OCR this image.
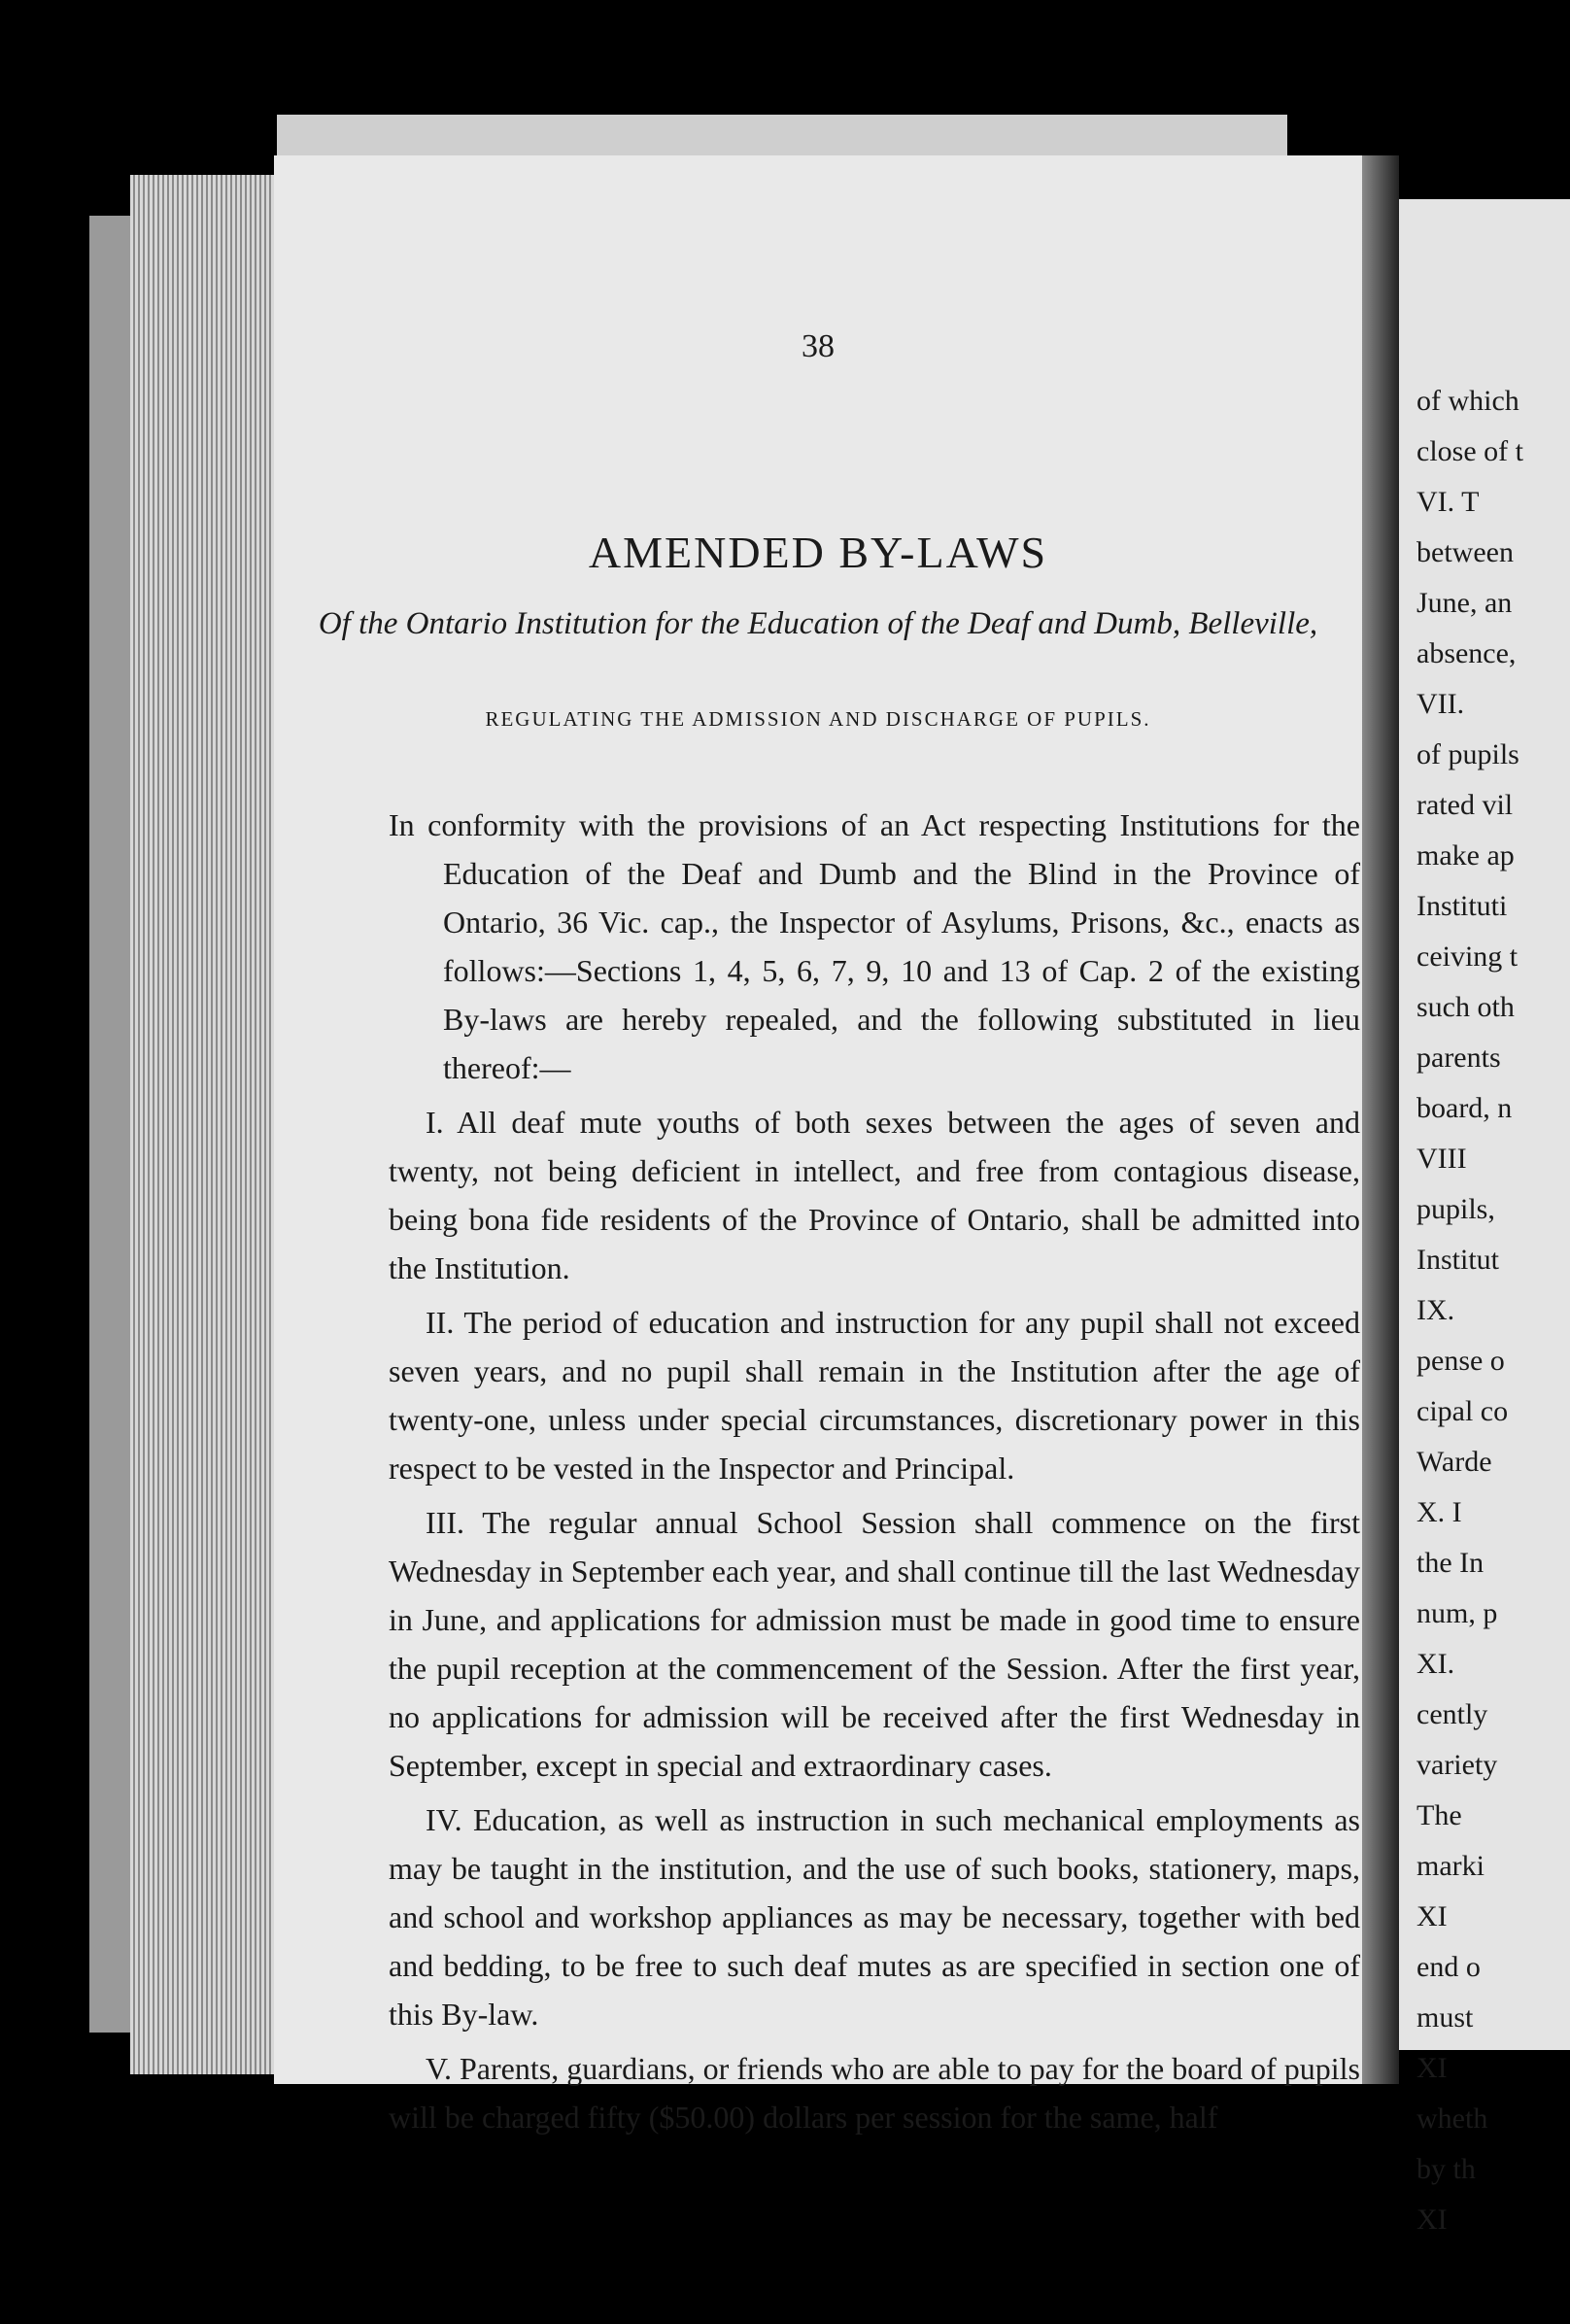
38
AMENDED BY-LAWS
Of the Ontario Institution for the Education of the Deaf and Dumb, Belleville,
REGULATING THE ADMISSION AND DISCHARGE OF PUPILS.

In conformity with the provisions of an Act respecting Institutions for the Education of the Deaf and Dumb and the Blind in the Province of Ontario, 36 Vic. cap., the Inspector of Asylums, Prisons, &c., enacts as follows:—Sections 1, 4, 5, 6, 7, 9, 10 and 13 of Cap. 2 of the existing By-laws are hereby repealed, and the following substituted in lieu thereof:—

I. All deaf mute youths of both sexes between the ages of seven and twenty, not being deficient in intellect, and free from contagious disease, being bona fide residents of the Province of Ontario, shall be admitted into the Institution.

II. The period of education and instruction for any pupil shall not exceed seven years, and no pupil shall remain in the Institution after the age of twenty-one, unless under special circumstances, discretionary power in this respect to be vested in the Inspector and Principal.

III. The regular annual School Session shall commence on the first Wednesday in September each year, and shall continue till the last Wednesday in June, and applications for admission must be made in good time to ensure the pupil reception at the commencement of the Session. After the first year, no applications for admission will be received after the first Wednesday in September, except in special and extraordinary cases.

IV. Education, as well as instruction in such mechanical employments as may be taught in the institution, and the use of such books, stationery, maps, and school and workshop appliances as may be necessary, together with bed and bedding, to be free to such deaf mutes as are specified in section one of this By-law.

V. Parents, guardians, or friends who are able to pay for the board of pupils will be charged fifty ($50.00) dollars per session for the same, half

of which
close of t
VI. T
between
June, an
absence,
VII.
of pupils
rated vil
make ap
Instituti
ceiving t
such oth
parents
board, n
VIII
pupils,
Institut
IX.
pense o
cipal co
Warde
X. I
the In
num, p
XI.
cently
variety
The
marki
XI
end o
must
XI
wheth
by th
XI
